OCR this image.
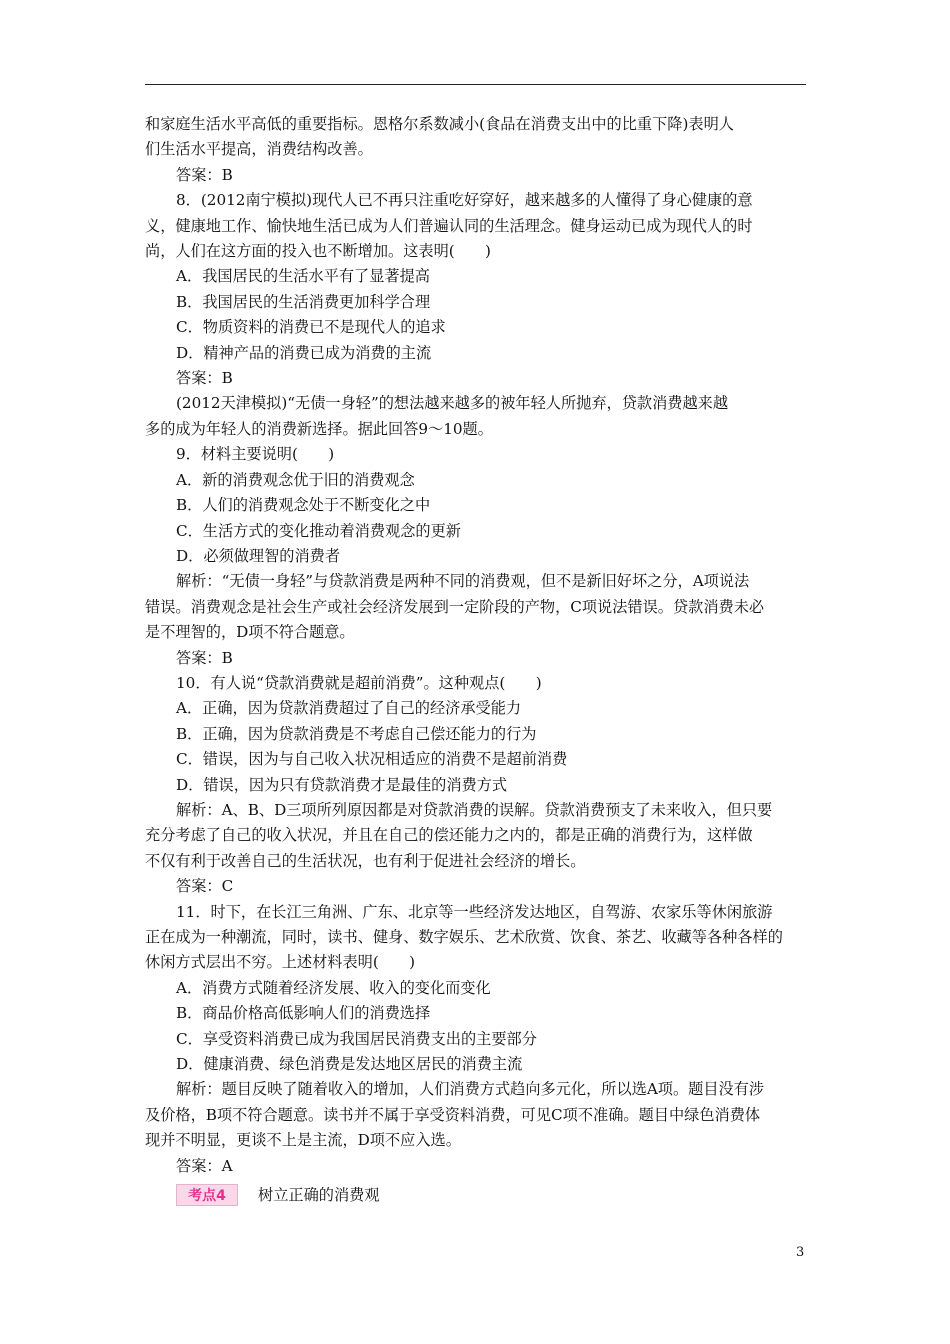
和家庭生活水平高低的重要指标。恩格尔系数减小(食品在消费支出中的比重下降)表明人
们生活水平提高，消费结构改善。
答案：B
8．(2012南宁模拟)现代人已不再只注重吃好穿好，越来越多的人懂得了身心健康的意
义，健康地工作、愉快地生活已成为人们普遍认同的生活理念。健身运动已成为现代人的时
尚，人们在这方面的投入也不断增加。这表明(　　)
A．我国居民的生活水平有了显著提高
B．我国居民的生活消费更加科学合理
C．物质资料的消费已不是现代人的追求
D．精神产品的消费已成为消费的主流
答案：B
(2012天津模拟)“无债一身轻”的想法越来越多的被年轻人所抛弃，贷款消费越来越
多的成为年轻人的消费新选择。据此回答9～10题。
9．材料主要说明(　　)
A．新的消费观念优于旧的消费观念
B．人们的消费观念处于不断变化之中
C．生活方式的变化推动着消费观念的更新
D．必须做理智的消费者
解析：“无债一身轻”与贷款消费是两种不同的消费观，但不是新旧好坏之分，A项说法
错误。消费观念是社会生产或社会经济发展到一定阶段的产物，C项说法错误。贷款消费未必
是不理智的，D项不符合题意。
答案：B
10．有人说“贷款消费就是超前消费”。这种观点(　　)
A．正确，因为贷款消费超过了自己的经济承受能力
B．正确，因为贷款消费是不考虑自己偿还能力的行为
C．错误，因为与自己收入状况相适应的消费不是超前消费
D．错误，因为只有贷款消费才是最佳的消费方式
解析：A、B、D三项所列原因都是对贷款消费的误解。贷款消费预支了未来收入，但只要
充分考虑了自己的收入状况，并且在自己的偿还能力之内的，都是正确的消费行为，这样做
不仅有利于改善自己的生活状况，也有利于促进社会经济的增长。
答案：C
11．时下，在长江三角洲、广东、北京等一些经济发达地区，自驾游、农家乐等休闲旅游
正在成为一种潮流，同时，读书、健身、数字娱乐、艺术欣赏、饮食、茶艺、收藏等各种各样的
休闲方式层出不穷。上述材料表明(　　)
A．消费方式随着经济发展、收入的变化而变化
B．商品价格高低影响人们的消费选择
C．享受资料消费已成为我国居民消费支出的主要部分
D．健康消费、绿色消费是发达地区居民的消费主流
解析：题目反映了随着收入的增加，人们消费方式趋向多元化，所以选A项。题目没有涉
及价格，B项不符合题意。读书并不属于享受资料消费，可见C项不准确。题目中绿色消费体
现并不明显，更谈不上是主流，D项不应入选。
答案：A
考点4	树立正确的消费观
3
